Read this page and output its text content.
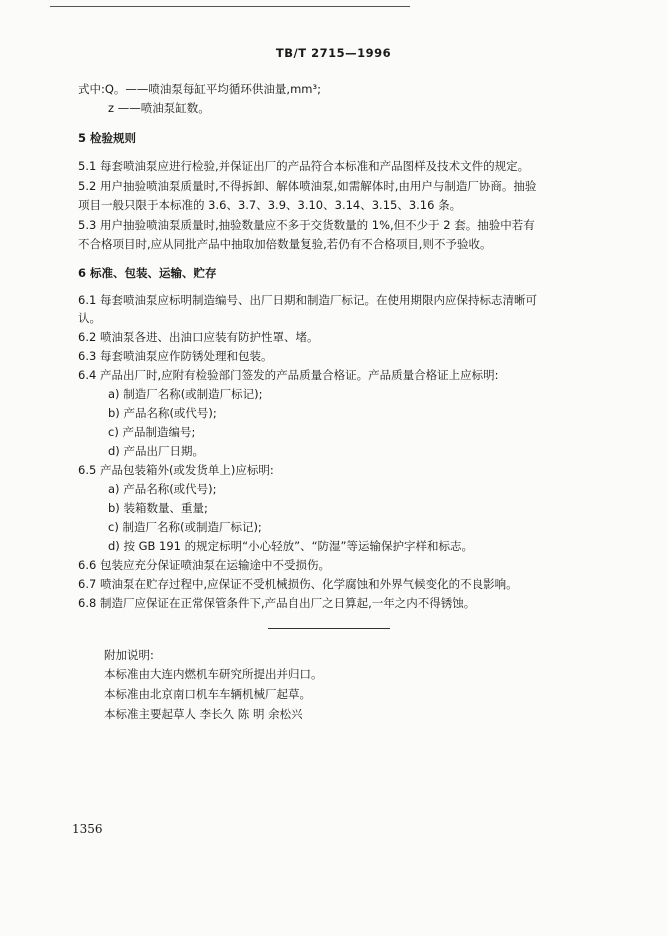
TB/T 2715—1996
式中:Q。——喷油泵每缸平均循环供油量,mm³;
z ——喷油泵缸数。
5 检验规则
5.1 每套喷油泵应进行检验,并保证出厂的产品符合本标准和产品图样及技术文件的规定。
5.2 用户抽验喷油泵质量时,不得拆卸、解体喷油泵,如需解体时,由用户与制造厂协商。抽验
项目一般只限于本标准的 3.6、3.7、3.9、3.10、3.14、3.15、3.16 条。
5.3 用户抽验喷油泵质量时,抽验数量应不多于交货数量的 1%,但不少于 2 套。抽验中若有
不合格项目时,应从同批产品中抽取加倍数量复验,若仍有不合格项目,则不予验收。
6 标准、包装、运输、贮存
6.1 每套喷油泵应标明制造编号、出厂日期和制造厂标记。在使用期限内应保持标志清晰可
认。
6.2 喷油泵各进、出油口应装有防护性罩、堵。
6.3 每套喷油泵应作防锈处理和包装。
6.4 产品出厂时,应附有检验部门签发的产品质量合格证。产品质量合格证上应标明:
a) 制造厂名称(或制造厂标记);
b) 产品名称(或代号);
c) 产品制造编号;
d) 产品出厂日期。
6.5 产品包装箱外(或发货单上)应标明:
a) 产品名称(或代号);
b) 装箱数量、重量;
c) 制造厂名称(或制造厂标记);
d) 按 GB 191 的规定标明“小心轻放”、“防湿”等运输保护字样和标志。
6.6 包装应充分保证喷油泵在运输途中不受损伤。
6.7 喷油泵在贮存过程中,应保证不受机械损伤、化学腐蚀和外界气候变化的不良影响。
6.8 制造厂应保证在正常保管条件下,产品自出厂之日算起,一年之内不得锈蚀。
附加说明:
本标准由大连内燃机车研究所提出并归口。
本标准由北京南口机车车辆机械厂起草。
本标准主要起草人 李长久 陈 明 余松兴
1356
